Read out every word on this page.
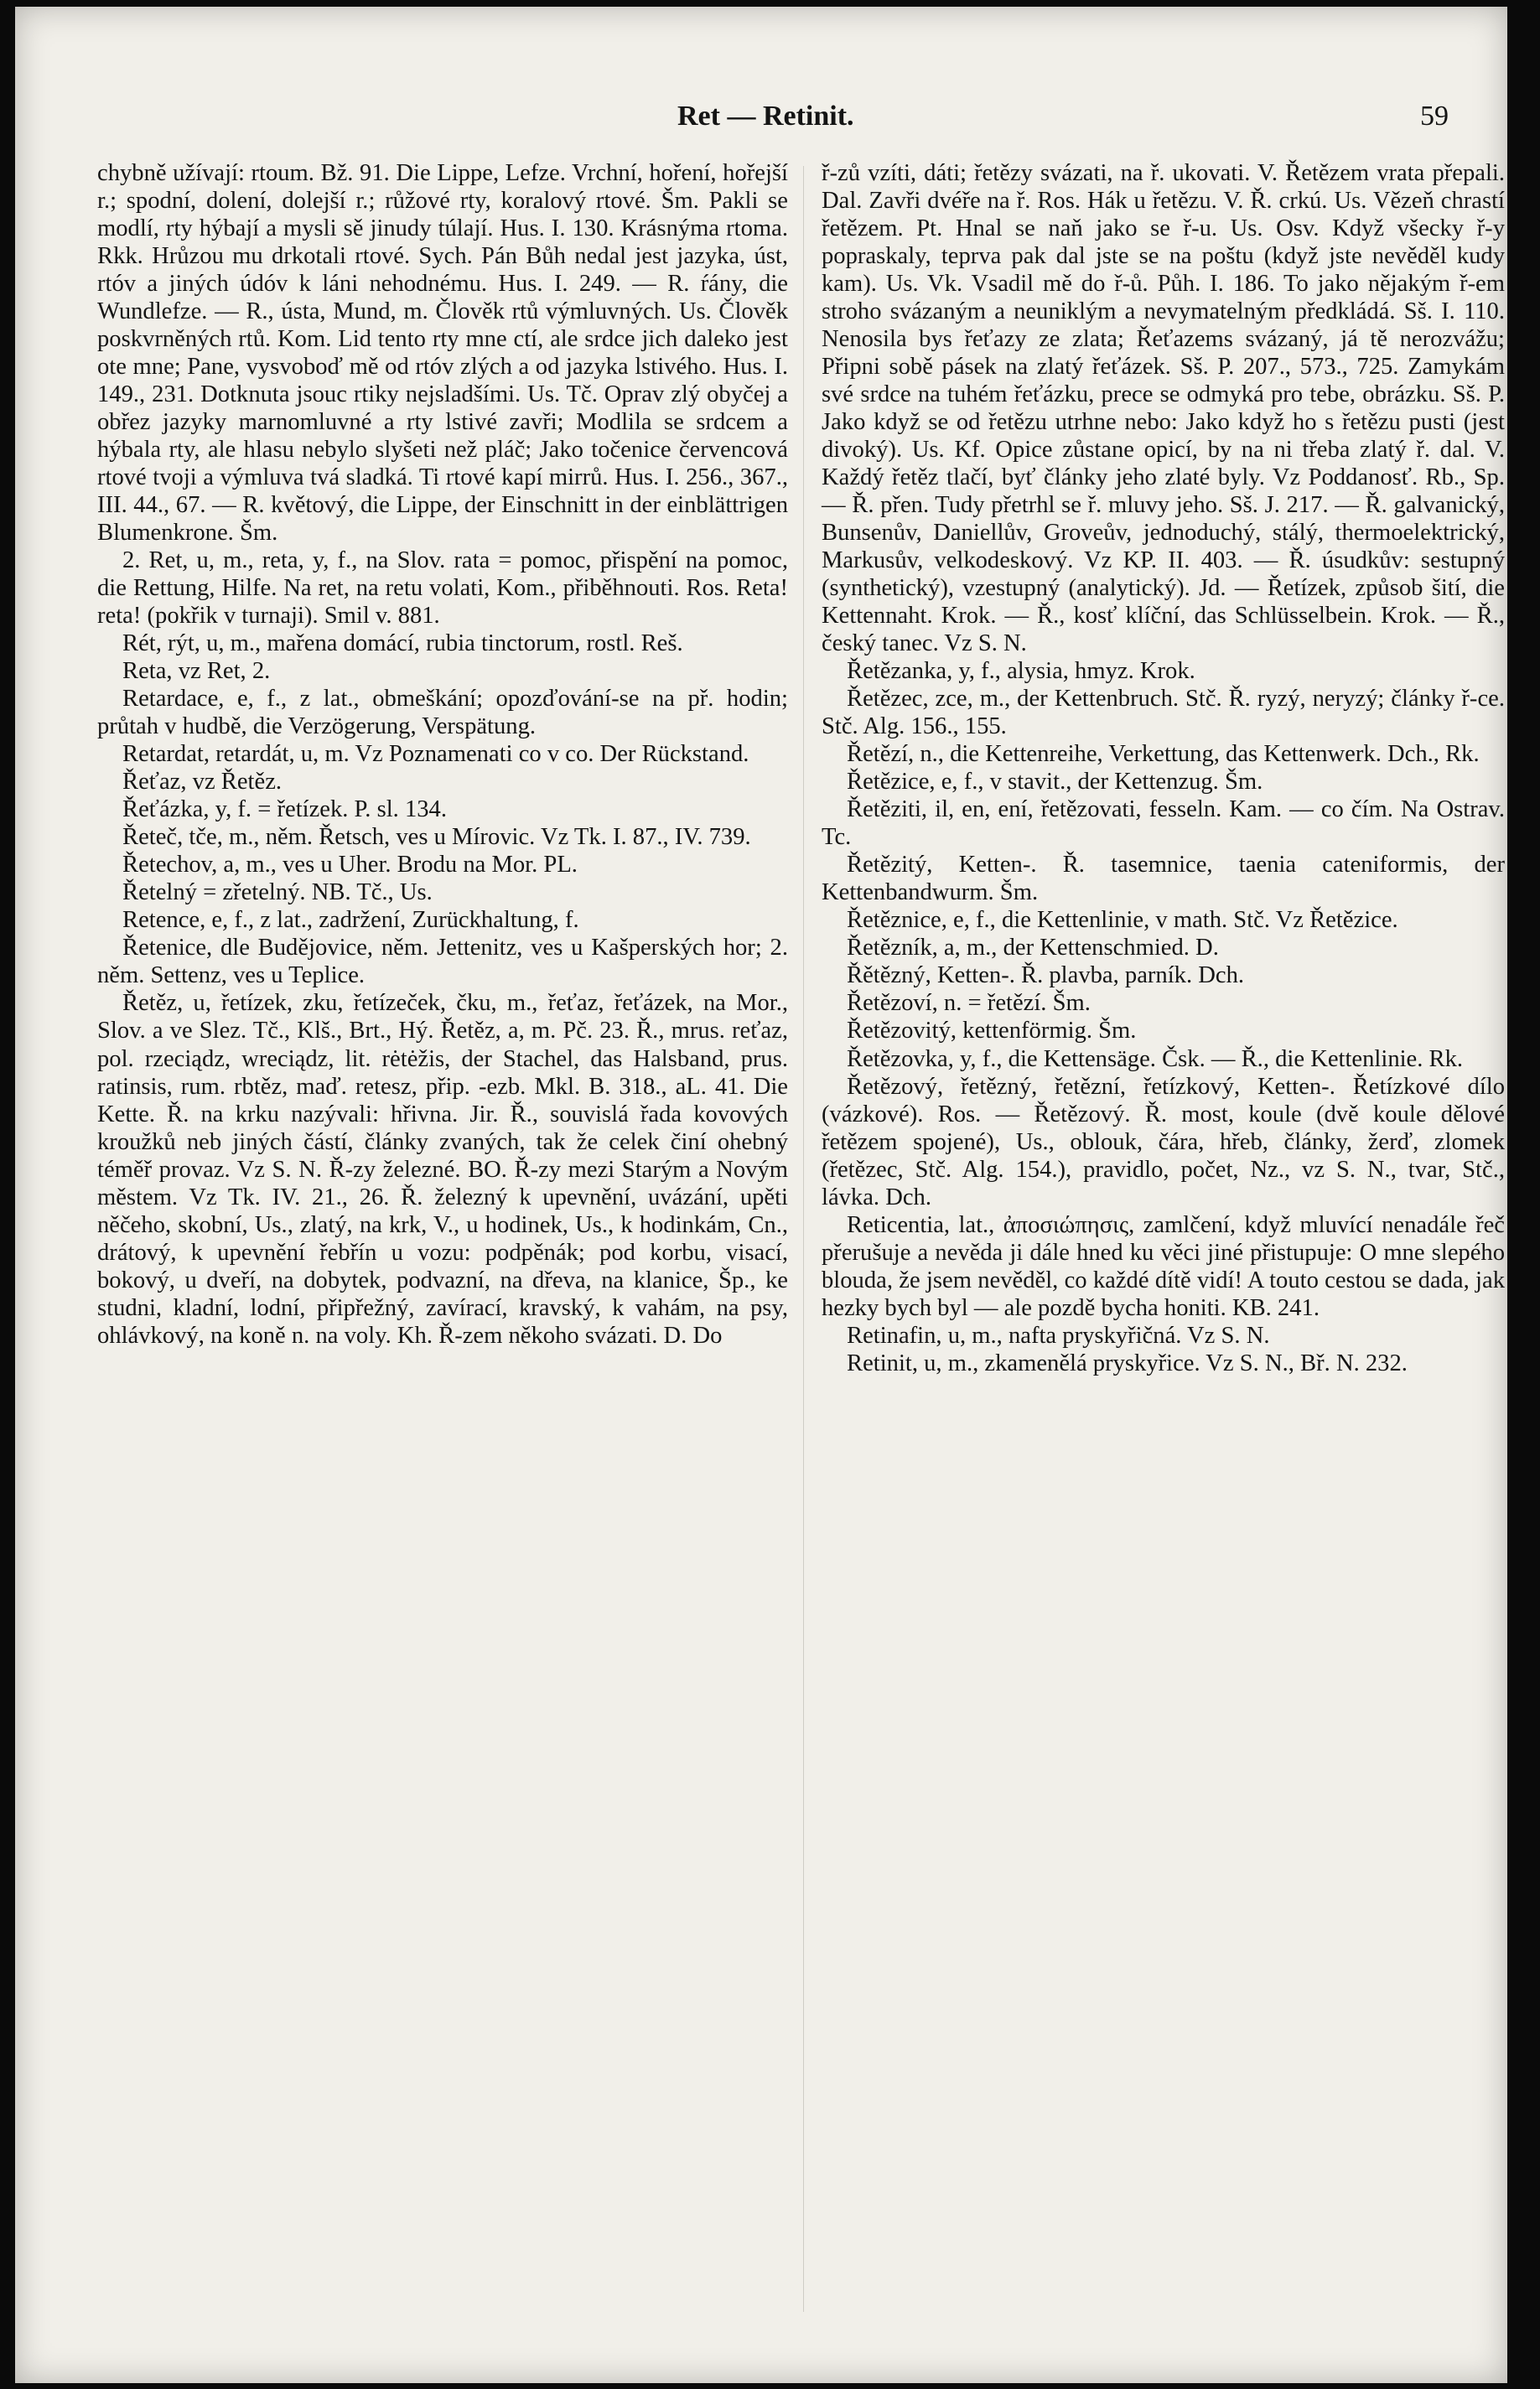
Ret — Retinit.	59

chybně užívají: rtoum. Bž. 91. Die Lippe, Lefze. Vrchní, hoření, hořejší r.; spodní, dolení, dolejší r.; růžové rty, koralový rtové. Šm. Pakli se modlí, rty hýbají a mysli sě jinudy túlají. Hus. I. 130. Krásnýma rtoma. Rkk. Hrůzou mu drkotali rtové. Sych. Pán Bůh nedal jest jazyka, úst, rtóv a jiných údóv k láni nehodnému. Hus. I. 249. — R. ŕány, die Wundlefze. — R., ústa, Mund, m. Člověk rtů výmluvných. Us. Člověk poskvrněných rtů. Kom. Lid tento rty mne ctí, ale srdce jich daleko jest ote mne; Pane, vysvoboď mě od rtóv zlých a od jazyka lstivého. Hus. I. 149., 231. Dotknuta jsouc rtiky nejsladšími. Us. Tč. Oprav zlý obyčej a obřez jazyky marnomluvné a rty lstivé zavři; Modlila se srdcem a hýbala rty, ale hlasu nebylo slyšeti než pláč; Jako točenice červencová rtové tvoji a výmluva tvá sladká. Ti rtové kapí mirrů. Hus. I. 256., 367., III. 44., 67. — R. květový, die Lippe, der Einschnitt in der einblättrigen Blumenkrone. Šm.

2. Ret, u, m., reta, y, f., na Slov. rata = pomoc, přispění na pomoc, die Rettung, Hilfe. Na ret, na retu volati, Kom., přiběhnouti. Ros. Reta! reta! (pokřik v turnaji). Smil v. 881.

Rét, rýt, u, m., mařena domácí, rubia tinctorum, rostl. Reš.

Reta, vz Ret, 2.

Retardace, e, f., z lat., obmeškání; opozďování-se na př. hodin; průtah v hudbě, die Verzögerung, Verspätung.

Retardat, retardát, u, m. Vz Poznamenati co v co. Der Rückstand.

Řeťaz, vz Řetěz.

Řeťázka, y, f. = řetízek. P. sl. 134.

Řeteč, tče, m., něm. Řetsch, ves u Mírovic. Vz Tk. I. 87., IV. 739.

Řetechov, a, m., ves u Uher. Brodu na Mor. PL.

Řetelný = zřetelný. NB. Tč., Us.

Retence, e, f., z lat., zadržení, Zurückhaltung, f.

Řetenice, dle Budějovice, něm. Jettenitz, ves u Kašperských hor; 2. něm. Settenz, ves u Teplice.

Řetěz, u, řetízek, zku, řetízeček, čku, m., řeťaz, řeťázek, na Mor., Slov. a ve Slez. Tč., Klš., Brt., Hý. Řetěz, a, m. Pč. 23. Ř., mrus. reťaz, pol. rzeciądz, wreciądz, lit. rėtėžis, der Stachel, das Halsband, prus. ratinsis, rum. rbtěz, maď. retesz, přip. -ezb. Mkl. B. 318., aL. 41. Die Kette. Ř. na krku nazývali: hřivna. Jir. Ř., souvislá řada kovových kroužků neb jiných částí, články zvaných, tak že celek činí ohebný téměř provaz. Vz S. N. Ř-zy železné. BO. Ř-zy mezi Starým a Novým městem. Vz Tk. IV. 21., 26. Ř. železný k upevnění, uvázání, upěti něčeho, skobní, Us., zlatý, na krk, V., u hodinek, Us., k hodinkám, Cn., drátový, k upevnění řebřín u vozu: podpěnák; pod korbu, visací, bokový, u dveří, na dobytek, podvazní, na dřeva, na klanice, Šp., ke studni, kladní, lodní, připřežný, zavírací, kravský, k vahám, na psy, ohlávkový, na koně n. na voly. Kh. Ř-zem někoho svázati. D. Do

ř-zů vzíti, dáti; řetězy svázati, na ř. ukovati. V. Řetězem vrata přepali. Dal. Zavři dvéře na ř. Ros. Hák u řetězu. V. Ř. crkú. Us. Vězeň chrastí řetězem. Pt. Hnal se naň jako se ř-u. Us. Osv. Když všecky ř-y popraskaly, teprva pak dal jste se na poštu (když jste nevěděl kudy kam). Us. Vk. Vsadil mě do ř-ů. Půh. I. 186. To jako nějakým ř-em stroho svázaným a neuniklým a nevymatelným předkládá. Sš. I. 110. Nenosila bys řeťazy ze zlata; Řeťazems svázaný, já tě nerozvážu; Připni sobě pásek na zlatý řeťázek. Sš. P. 207., 573., 725. Zamykám své srdce na tuhém řeťázku, prece se odmyká pro tebe, obrázku. Sš. P. Jako když se od řetězu utrhne nebo: Jako když ho s řetězu pusti (jest divoký). Us. Kf. Opice zůstane opicí, by na ni třeba zlatý ř. dal. V. Každý řetěz tlačí, byť články jeho zlaté byly. Vz Poddanosť. Rb., Sp. — Ř. přen. Tudy přetrhl se ř. mluvy jeho. Sš. J. 217. — Ř. galvanický, Bunsenův, Daniellův, Groveův, jednoduchý, stálý, thermoelektrický, Markusův, velkodeskový. Vz KP. II. 403. — Ř. úsudkův: sestupný (synthetický), vzestupný (analytický). Jd. — Řetízek, způsob šití, die Kettennaht. Krok. — Ř., kosť klíční, das Schlüsselbein. Krok. — Ř., český tanec. Vz S. N.

Řetězanka, y, f., alysia, hmyz. Krok.

Řetězec, zce, m., der Kettenbruch. Stč. Ř. ryzý, neryzý; články ř-ce. Stč. Alg. 156., 155.

Řetězí, n., die Kettenreihe, Verkettung, das Kettenwerk. Dch., Rk.

Řetězice, e, f., v stavit., der Kettenzug. Šm.

Řetěziti, il, en, ení, řetězovati, fesseln. Kam. — co čím. Na Ostrav. Tc.

Řetězitý, Ketten-. Ř. tasemnice, taenia cateniformis, der Kettenbandwurm. Šm.

Řetěznice, e, f., die Kettenlinie, v math. Stč. Vz Řetězice.

Řetězník, a, m., der Kettenschmied. D.

Řětězný, Ketten-. Ř. plavba, parník. Dch.

Řetězoví, n. = řetězí. Šm.

Řetězovitý, kettenförmig. Šm.

Řetězovka, y, f., die Kettensäge. Čsk. — Ř., die Kettenlinie. Rk.

Řetězový, řetězný, řetězní, řetízkový, Ketten-. Řetízkové dílo (vázkové). Ros. — Řetězový. Ř. most, koule (dvě koule dělové řetězem spojené), Us., oblouk, čára, hřeb, články, žerď, zlomek (řetězec, Stč. Alg. 154.), pravidlo, počet, Nz., vz S. N., tvar, Stč., lávka. Dch.

Reticentia, lat., ἀποσιώπησις, zamlčení, když mluvící nenadále řeč přerušuje a nevěda ji dále hned ku věci jiné přistupuje: O mne slepého blouda, že jsem nevěděl, co každé dítě vidí! A touto cestou se dada, jak hezky bych byl — ale pozdě bycha honiti. KB. 241.

Retinafin, u, m., nafta pryskyřičná. Vz S. N.

Retinit, u, m., zkamenělá pryskyřice. Vz S. N., Bř. N. 232.
